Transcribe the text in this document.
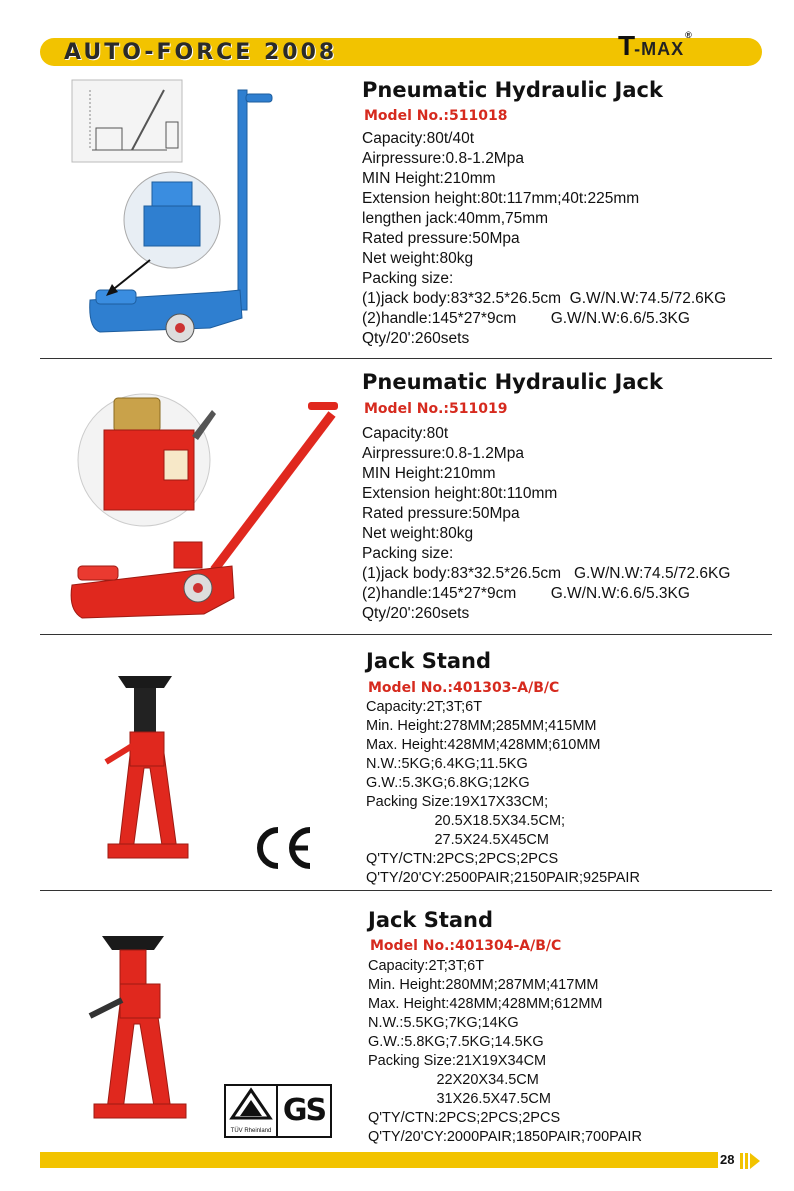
AUTO-FORCE 2008	T-MAX®
Pneumatic Hydraulic Jack
Model No.:511018
Capacity:80t/40t
Airpressure:0.8-1.2Mpa
MIN Height:210mm
Extension height:80t:117mm;40t:225mm
lengthen jack:40mm,75mm
Rated pressure:50Mpa
Net weight:80kg
Packing size:
(1)jack body:83*32.5*26.5cm  G.W/N.W:74.5/72.6KG
(2)handle:145*27*9cm        G.W/N.W:6.6/5.3KG
Qty/20':260sets
Pneumatic Hydraulic Jack
Model No.:511019
Capacity:80t
Airpressure:0.8-1.2Mpa
MIN Height:210mm
Extension height:80t:110mm
Rated pressure:50Mpa
Net weight:80kg
Packing size:
(1)jack body:83*32.5*26.5cm   G.W/N.W:74.5/72.6KG
(2)handle:145*27*9cm        G.W/N.W:6.6/5.3KG
Qty/20':260sets
CE
Jack Stand
Model No.:401303-A/B/C
Capacity:2T;3T;6T
Min. Height:278MM;285MM;415MM
Max. Height:428MM;428MM;610MM
N.W.:5KG;6.4KG;11.5KG
G.W.:5.3KG;6.8KG;12KG
Packing Size:19X17X33CM;
20.5X18.5X34.5CM;
27.5X24.5X45CM
Q'TY/CTN:2PCS;2PCS;2PCS
Q'TY/20'CY:2500PAIR;2150PAIR;925PAIR
TÜV Rheinland
GS
Jack Stand
Model No.:401304-A/B/C
Capacity:2T;3T;6T
Min. Height:280MM;287MM;417MM
Max. Height:428MM;428MM;612MM
N.W.:5.5KG;7KG;14KG
G.W.:5.8KG;7.5KG;14.5KG
Packing Size:21X19X34CM
22X20X34.5CM
31X26.5X47.5CM
Q'TY/CTN:2PCS;2PCS;2PCS
Q'TY/20'CY:2000PAIR;1850PAIR;700PAIR
28
